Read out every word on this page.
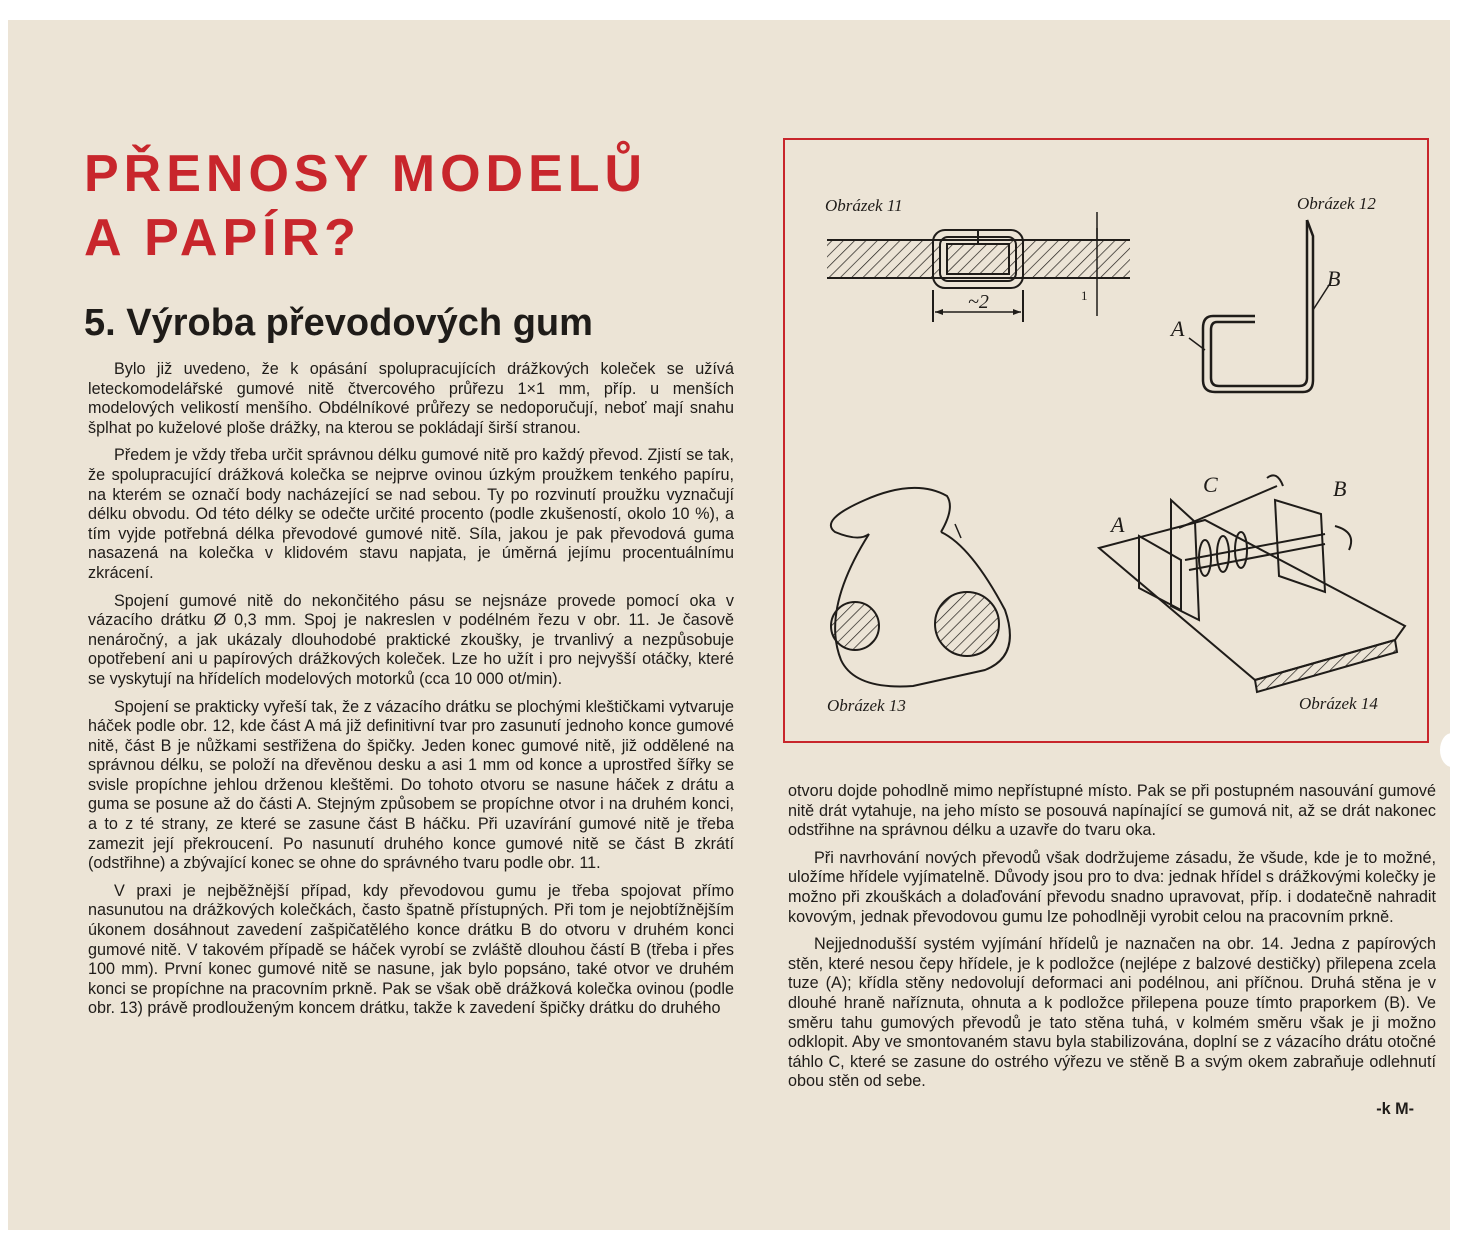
PŘENOSY MODELŮ
A PAPÍR?
5. Výroba převodových gum

Bylo již uvedeno, že k opásání spolupracujících drážkových koleček se užívá leteckomodelářské gumové nitě čtvercového průřezu 1×1 mm, příp. u menších modelových velikostí menšího. Obdélníkové průřezy se nedoporučují, neboť mají snahu šplhat po kuželové ploše drážky, na kterou se pokládají širší stranou.

Předem je vždy třeba určit správnou délku gumové nitě pro každý převod. Zjistí se tak, že spolupracující drážková kolečka se nejprve ovinou úzkým proužkem tenkého papíru, na kterém se označí body nacházející se nad sebou. Ty po rozvinutí proužku vyznačují délku obvodu. Od této délky se odečte určité procento (podle zkušeností, okolo 10 %), a tím vyjde potřebná délka převodové gumové nitě. Síla, jakou je pak převodová guma nasazená na kolečka v klidovém stavu napjata, je úměrná jejímu procentuálnímu zkrácení.

Spojení gumové nitě do nekončitého pásu se nejsnáze provede pomocí oka v vázacího drátku Ø 0,3 mm. Spoj je nakreslen v podélném řezu v obr. 11. Je časově nenáročný, a jak ukázaly dlouhodobé praktické zkoušky, je trvanlivý a nezpůsobuje opotřebení ani u papírových drážkových koleček. Lze ho užít i pro nejvyšší otáčky, které se vyskytují na hřídelích modelových motorků (cca 10 000 ot/min).

Spojení se prakticky vyřeší tak, že z vázacího drátku se plochými kleštičkami vytvaruje háček podle obr. 12, kde část A má již definitivní tvar pro zasunutí jednoho konce gumové nitě, část B je nůžkami sestřižena do špičky. Jeden konec gumové nitě, již oddělené na správnou délku, se položí na dřevěnou desku a asi 1 mm od konce a uprostřed šířky se svisle propíchne jehlou drženou kleštěmi. Do tohoto otvoru se nasune háček z drátu a guma se posune až do části A. Stejným způsobem se propíchne otvor i na druhém konci, a to z té strany, ze které se zasune část B háčku. Při uzavírání gumové nitě je třeba zamezit její překroucení. Po nasunutí druhého konce gumové nitě se část B zkrátí (odstřihne) a zbývající konec se ohne do správného tvaru podle obr. 11.

V praxi je nejběžnější případ, kdy převodovou gumu je třeba spojovat přímo nasunutou na drážkových kolečkách, často špatně přístupných. Při tom je nejobtížnějším úkonem dosáhnout zavedení zašpičatělého konce drátku B do otvoru v druhém konci gumové nitě. V takovém případě se háček vyrobí se zvláště dlouhou částí B (třeba i přes 100 mm). První konec gumové nitě se nasune, jak bylo popsáno, také otvor ve druhém konci se propíchne na pracovním prkně. Pak se však obě drážková kolečka ovinou (podle obr. 13) právě prodlouženým koncem drátku, takže k zavedení špičky drátku do druhého

otvoru dojde pohodlně mimo nepřístupné místo. Pak se při postupném nasouvání gumové nitě drát vytahuje, na jeho místo se posouvá napínající se gumová nit, až se drát nakonec odstřihne na správnou délku a uzavře do tvaru oka.

Při navrhování nových převodů však dodržujeme zásadu, že všude, kde je to možné, uložíme hřídele vyjímatelně. Důvody jsou pro to dva: jednak hřídel s drážkovými kolečky je možno při zkouškách a dolaďování převodu snadno upravovat, příp. i dodatečně nahradit kovovým, jednak převodovou gumu lze pohodlněji vyrobit celou na pracovním prkně.

Nejjednodušší systém vyjímání hřídelů je naznačen na obr. 14. Jedna z papírových stěn, které nesou čepy hřídele, je k podložce (nejlépe z balzové destičky) přilepena zcela tuze (A); křídla stěny nedovolují deformaci ani podélnou, ani příčnou. Druhá stěna je v dlouhé hraně naříznuta, ohnuta a k podložce přilepena pouze tímto praporkem (B). Ve směru tahu gumových převodů je tato stěna tuhá, v kolmém směru však je ji možno odklopit. Aby ve smontovaném stavu byla stabilizována, doplní se z vázacího drátu otočné táhlo C, které se zasune do ostrého výřezu ve stěně B a svým okem zabraňuje odlehnutí obou stěn od sebe.

-k M-

~2	1
A
B
A
B
C
Obrázek 11	Obrázek 12
Obrázek 13	Obrázek 14
